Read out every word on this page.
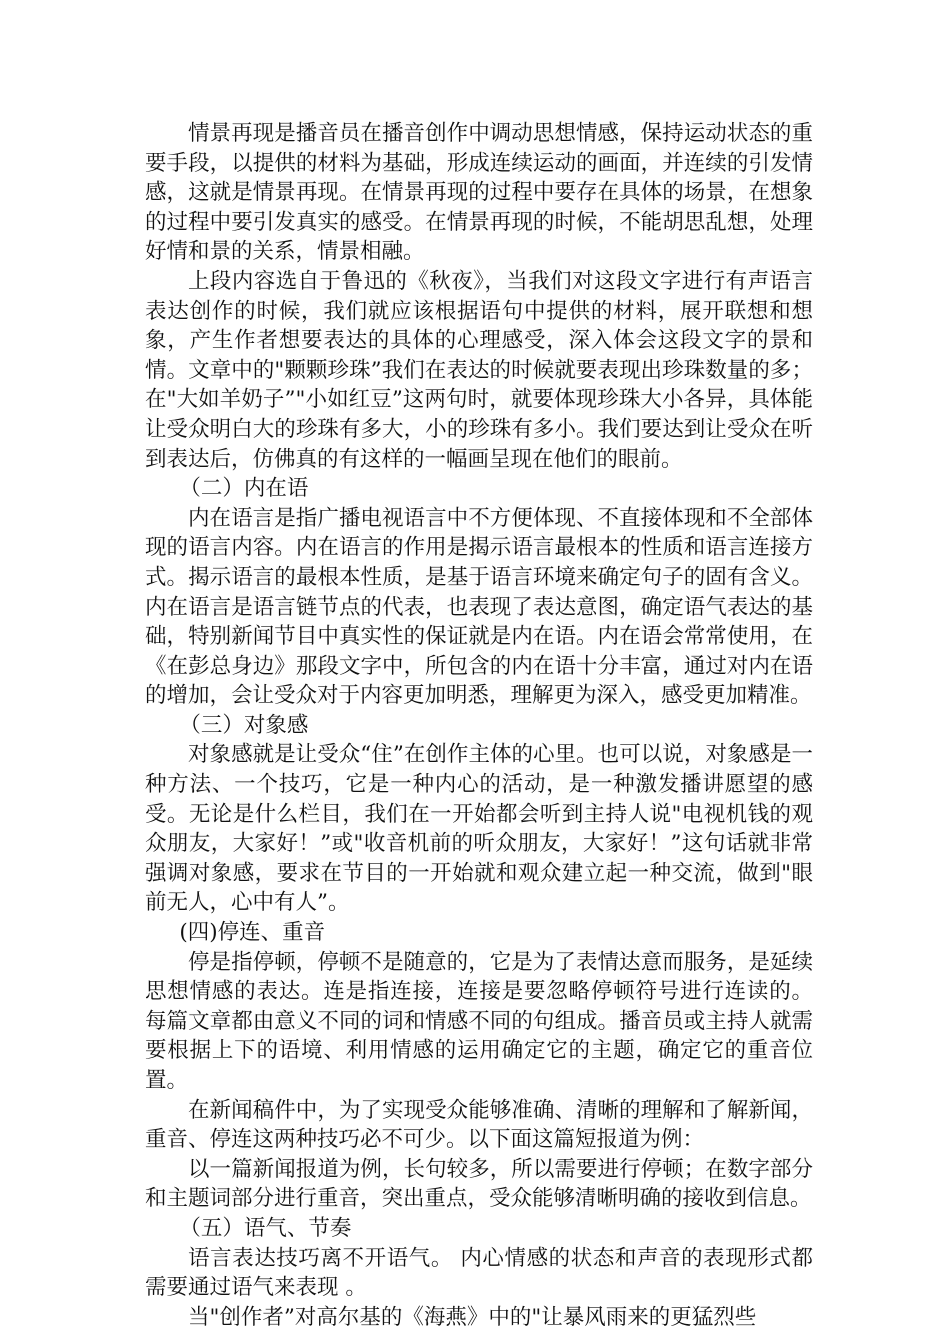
情景再现是播音员在播音创作中调动思想情感，保持运动状态的重要手段，以提供的材料为基础，形成连续运动的画面，并连续的引发情感，这就是情景再现。在情景再现的过程中要存在具体的场景，在想象的过程中要引发真实的感受。在情景再现的时候，不能胡思乱想，处理好情和景的关系，情景相融。

上段内容选自于鲁迅的《秋夜》，当我们对这段文字进行有声语言表达创作的时候，我们就应该根据语句中提供的材料，展开联想和想象，产生作者想要表达的具体的心理感受，深入体会这段文字的景和情。文章中的"颗颗珍珠”我们在表达的时候就要表现出珍珠数量的多；在"大如羊奶子”"小如红豆”这两句时，就要体现珍珠大小各异，具体能让受众明白大的珍珠有多大，小的珍珠有多小。我们要达到让受众在听到表达后，仿佛真的有这样的一幅画呈现在他们的眼前。

（二）内在语

内在语言是指广播电视语言中不方便体现、不直接体现和不全部体现的语言内容。内在语言的作用是揭示语言最根本的性质和语言连接方式。揭示语言的最根本性质，是基于语言环境来确定句子的固有含义。 内在语言是语言链节点的代表，也表现了表达意图，确定语气表达的基础，特别新闻节目中真实性的保证就是内在语。内在语会常常使用，在《在彭总身边》那段文字中，所包含的内在语十分丰富，通过对内在语的增加，会让受众对于内容更加明悉，理解更为深入，感受更加精准。

（三）对象感

对象感就是让受众“住”在创作主体的心里。也可以说，对象感是一种方法、一个技巧，它是一种内心的活动，是一种激发播讲愿望的感受。无论是什么栏目，我们在一开始都会听到主持人说"电视机钱的观众朋友，大家好！”或"收音机前的听众朋友，大家好！”这句话就非常强调对象感，要求在节目的一开始就和观众建立起一种交流，做到"眼前无人，心中有人”。

(四)停连、重音

停是指停顿，停顿不是随意的，它是为了表情达意而服务，是延续思想情感的表达。连是指连接，连接是要忽略停顿符号进行连读的。 每篇文章都由意义不同的词和情感不同的句组成。播音员或主持人就需要根据上下的语境、利用情感的运用确定它的主题，确定它的重音位置。

在新闻稿件中，为了实现受众能够准确、清晰的理解和了解新闻，重音、停连这两种技巧必不可少。以下面这篇短报道为例：

以一篇新闻报道为例，长句较多，所以需要进行停顿；在数字部分和主题词部分进行重音，突出重点，受众能够清晰明确的接收到信息。

（五）语气、节奏

语言表达技巧离不开语气。 内心情感的状态和声音的表现形式都需要通过语气来表现 。

当"创作者”对高尔基的《海燕》中的"让暴风雨来的更猛烈些
